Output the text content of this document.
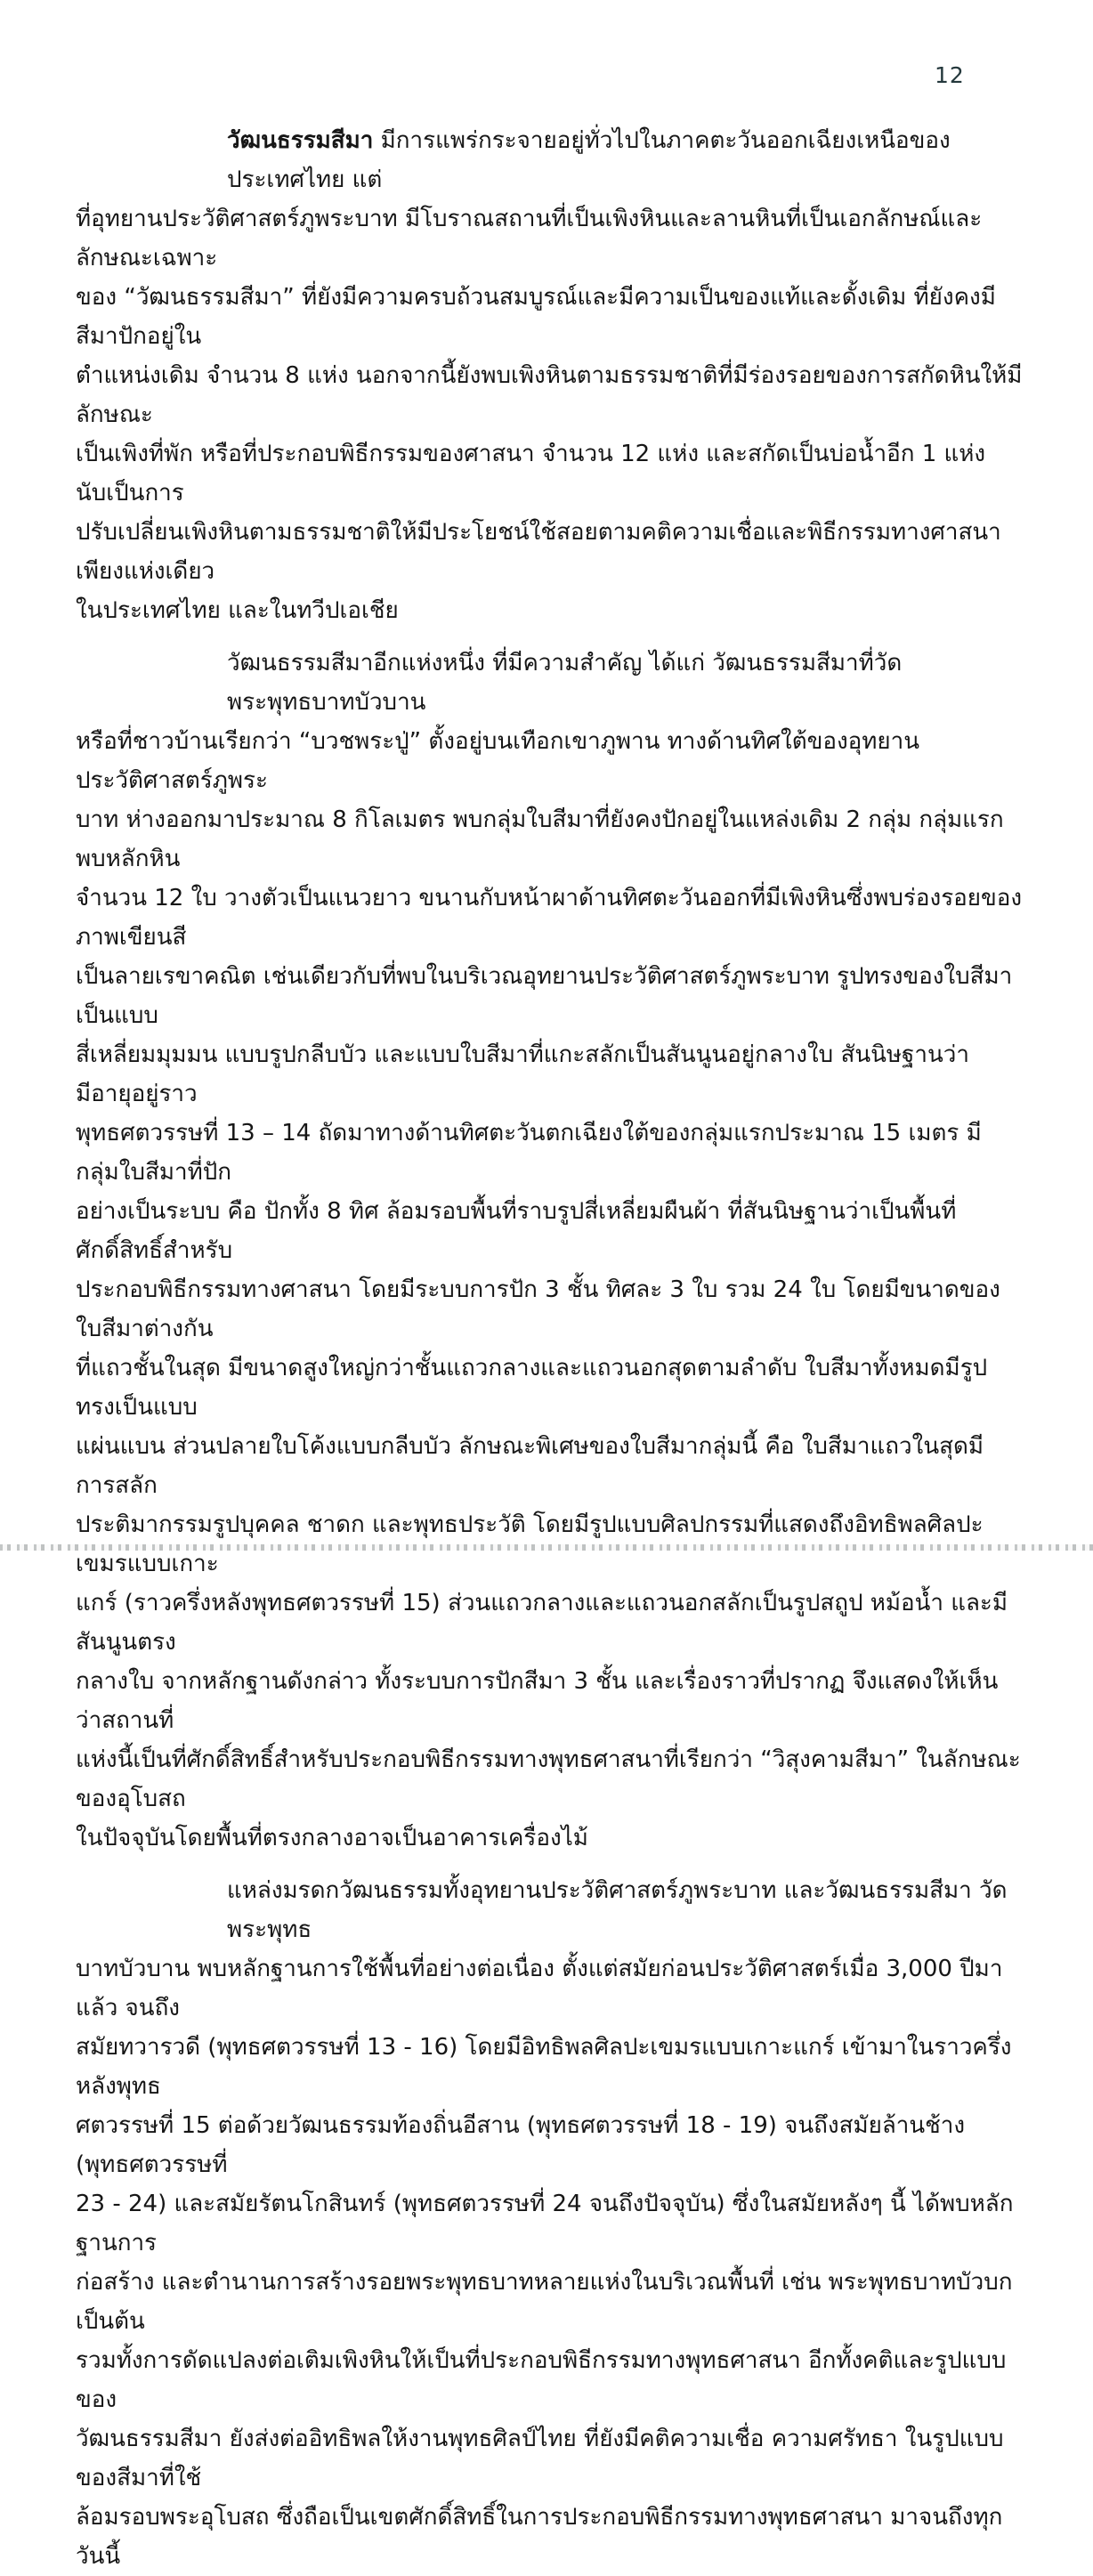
12
วัฒนธรรมสีมา มีการแพร่กระจายอยู่ทั่วไปในภาคตะวันออกเฉียงเหนือของประเทศไทย แต่
ที่อุทยานประวัติศาสตร์ภูพระบาท มีโบราณสถานที่เป็นเพิงหินและลานหินที่เป็นเอกลักษณ์และลักษณะเฉพาะ
ของ “วัฒนธรรมสีมา” ที่ยังมีความครบถ้วนสมบูรณ์และมีความเป็นของแท้และดั้งเดิม ที่ยังคงมีสีมาปักอยู่ใน
ตำแหน่งเดิม จำนวน 8 แห่ง นอกจากนี้ยังพบเพิงหินตามธรรมชาติที่มีร่องรอยของการสกัดหินให้มีลักษณะ
เป็นเพิงที่พัก หรือที่ประกอบพิธีกรรมของศาสนา จำนวน 12 แห่ง และสกัดเป็นบ่อน้ำอีก 1 แห่ง นับเป็นการ
ปรับเปลี่ยนเพิงหินตามธรรมชาติให้มีประโยชน์ใช้สอยตามคติความเชื่อและพิธีกรรมทางศาสนา เพียงแห่งเดียว
ในประเทศไทย และในทวีปเอเชีย
วัฒนธรรมสีมาอีกแห่งหนึ่ง ที่มีความสำคัญ ได้แก่ วัฒนธรรมสีมาที่วัดพระพุทธบาทบัวบาน
หรือที่ชาวบ้านเรียกว่า “บวชพระปู่” ตั้งอยู่บนเทือกเขาภูพาน ทางด้านทิศใต้ของอุทยานประวัติศาสตร์ภูพระ
บาท ห่างออกมาประมาณ 8 กิโลเมตร พบกลุ่มใบสีมาที่ยังคงปักอยู่ในแหล่งเดิม 2 กลุ่ม กลุ่มแรกพบหลักหิน
จำนวน 12 ใบ วางตัวเป็นแนวยาว ขนานกับหน้าผาด้านทิศตะวันออกที่มีเพิงหินซึ่งพบร่องรอยของภาพเขียนสี
เป็นลายเรขาคณิต เช่นเดียวกับที่พบในบริเวณอุทยานประวัติศาสตร์ภูพระบาท รูปทรงของใบสีมาเป็นแบบ
สี่เหลี่ยมมุมมน แบบรูปกลีบบัว และแบบใบสีมาที่แกะสลักเป็นสันนูนอยู่กลางใบ สันนิษฐานว่ามีอายุอยู่ราว
พุทธศตวรรษที่ 13 – 14 ถัดมาทางด้านทิศตะวันตกเฉียงใต้ของกลุ่มแรกประมาณ 15 เมตร มีกลุ่มใบสีมาที่ปัก
อย่างเป็นระบบ คือ ปักทั้ง 8 ทิศ ล้อมรอบพื้นที่ราบรูปสี่เหลี่ยมผืนผ้า ที่สันนิษฐานว่าเป็นพื้นที่ศักดิ์สิทธิ์สำหรับ
ประกอบพิธีกรรมทางศาสนา โดยมีระบบการปัก 3 ชั้น ทิศละ 3 ใบ รวม 24 ใบ โดยมีขนาดของใบสีมาต่างกัน
ที่แถวชั้นในสุด มีขนาดสูงใหญ่กว่าชั้นแถวกลางและแถวนอกสุดตามลำดับ ใบสีมาทั้งหมดมีรูปทรงเป็นแบบ
แผ่นแบน ส่วนปลายใบโค้งแบบกลีบบัว ลักษณะพิเศษของใบสีมากลุ่มนี้ คือ ใบสีมาแถวในสุดมีการสลัก
ประติมากรรมรูปบุคคล ชาดก และพุทธประวัติ โดยมีรูปแบบศิลปกรรมที่แสดงถึงอิทธิพลศิลปะเขมรแบบเกาะ
แกร์ (ราวครึ่งหลังพุทธศตวรรษที่ 15) ส่วนแถวกลางและแถวนอกสลักเป็นรูปสถูป หม้อน้ำ และมีสันนูนตรง
กลางใบ จากหลักฐานดังกล่าว ทั้งระบบการปักสีมา 3 ชั้น และเรื่องราวที่ปรากฏ จึงแสดงให้เห็นว่าสถานที่
แห่งนี้เป็นที่ศักดิ์สิทธิ์สำหรับประกอบพิธีกรรมทางพุทธศาสนาที่เรียกว่า “วิสุงคามสีมา” ในลักษณะของอุโบสถ
ในปัจจุบันโดยพื้นที่ตรงกลางอาจเป็นอาคารเครื่องไม้
แหล่งมรดกวัฒนธรรมทั้งอุทยานประวัติศาสตร์ภูพระบาท และวัฒนธรรมสีมา วัดพระพุทธ
บาทบัวบาน พบหลักฐานการใช้พื้นที่อย่างต่อเนื่อง ตั้งแต่สมัยก่อนประวัติศาสตร์เมื่อ 3,000 ปีมาแล้ว จนถึง
สมัยทวารวดี (พุทธศตวรรษที่ 13 - 16) โดยมีอิทธิพลศิลปะเขมรแบบเกาะแกร์ เข้ามาในราวครึ่งหลังพุทธ
ศตวรรษที่ 15 ต่อด้วยวัฒนธรรมท้องถิ่นอีสาน (พุทธศตวรรษที่ 18 - 19) จนถึงสมัยล้านช้าง (พุทธศตวรรษที่
23 - 24) และสมัยรัตนโกสินทร์ (พุทธศตวรรษที่ 24 จนถึงปัจจุบัน) ซึ่งในสมัยหลังๆ นี้ ได้พบหลักฐานการ
ก่อสร้าง และตำนานการสร้างรอยพระพุทธบาทหลายแห่งในบริเวณพื้นที่ เช่น พระพุทธบาทบัวบก เป็นต้น
รวมทั้งการดัดแปลงต่อเติมเพิงหินให้เป็นที่ประกอบพิธีกรรมทางพุทธศาสนา อีกทั้งคติและรูปแบบของ
วัฒนธรรมสีมา ยังส่งต่ออิทธิพลให้งานพุทธศิลป์ไทย ที่ยังมีคติความเชื่อ ความศรัทธา ในรูปแบบของสีมาที่ใช้
ล้อมรอบพระอุโบสถ ซึ่งถือเป็นเขตศักดิ์สิทธิ์ในการประกอบพิธีกรรมทางพุทธศาสนา มาจนถึงทุกวันนี้
